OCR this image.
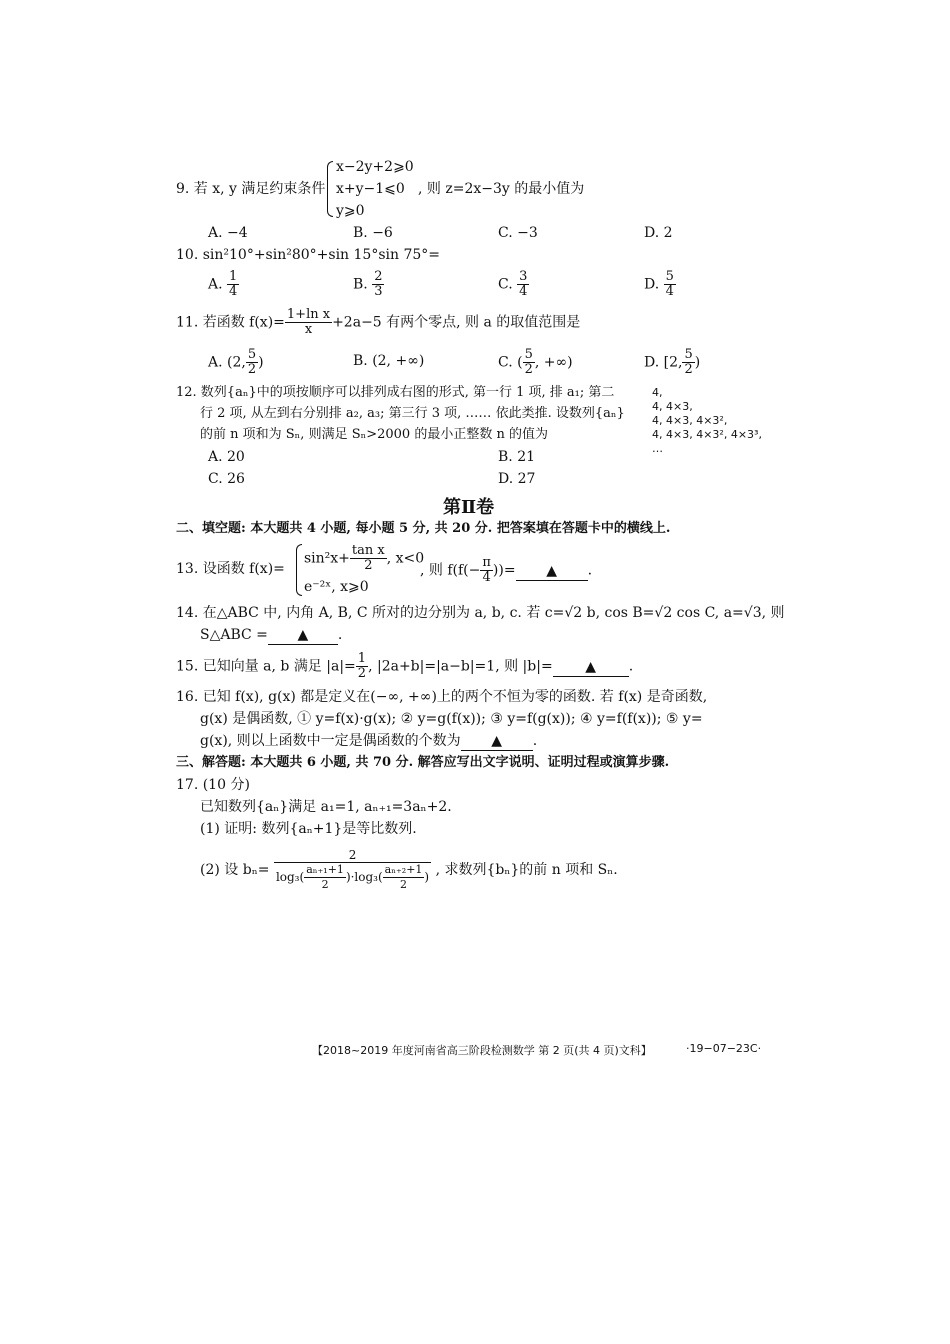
9. 若 x, y 满足约束条件
x−2y+2⩾0
x+y−1⩽0
y⩾0
, 则 z=2x−3y 的最小值为
A. −4	B. −6	C. −3	D. 2
10. sin²10°+sin²80°+sin 15°sin 75°=
A. $\frac{1}{4}$	B. $\frac{2}{3}$	C. $\frac{3}{4}$	D. $\frac{5}{4}$
11. 若函数 $f(x)= \frac{\text{1+ln x}}{x} +2a-5$ 有两个零点, 则 a 的取值范围是
A. (2, $\frac{5}{2}$ )	B. (2, +∞)	C. ( $\frac{5}{2}$ , +∞)	D. [2, $\frac{5}{2}$ )
12. 数列{aₙ}中的项按顺序可以排列成右图的形式, 第一行 1 项, 排 a₁; 第二
行 2 项, 从左到右分别排 a₂, a₃; 第三行 3 项, …… 依此类推. 设数列{aₙ}
的前 n 项和为 Sₙ, 则满足 Sₙ>2000 的最小正整数 n 的值为
A. 20	B. 21
C. 26	D. 27
4,
4, 4×3,
4, 4×3, 4×3²,
4, 4×3, 4×3², 4×3³,
…
第Ⅱ卷
二、填空题: 本大题共 4 小题, 每小题 5 分, 共 20 分. 把答案填在答题卡中的横线上.
13. 设函数 f(x)=
$\sin^2x+ \frac{\text{tan x}}{2}$ , x<0
e⁻²ˣ, x⩾0
, 则 $f(f(- \frac{\pi}{4}$ ))= ▲ .
14. 在△ABC 中, 内角 A, B, C 所对的边分别为 a, b, c. 若 c=√2 b, cos B=√2 cos C, a=√3, 则
S△ABC = ▲ .
15. 已知向量 a, b 满足 $|a|= \frac{1}{2}$ , |2a+b|=|a−b|=1, 则 |b|= ▲ .
16. 已知 f(x), g(x) 都是定义在(−∞, +∞)上的两个不恒为零的函数. 若 f(x) 是奇函数,
g(x) 是偶函数, ① y=f(x)·g(x); ② y=g(f(x)); ③ y=f(g(x)); ④ y=f(f(x)); ⑤ y=
g(x), 则以上函数中一定是偶函数的个数为 ▲ .
三、解答题: 本大题共 6 小题, 共 70 分. 解答应写出文字说明、证明过程或演算步骤.
17. (10 分)
已知数列{aₙ}满足 a₁=1, aₙ₊₁=3aₙ+2.
(1) 证明: 数列{aₙ+1}是等比数列.
(2) 设 $b_n= \frac{2}{\log_3( \frac{\text{aₙ₊₁+1}}{2} )\cdot\log_3( \frac{\text{aₙ₊₂+1}}{2} )}$ , 求数列{bₙ}的前 n 项和 Sₙ.
【2018~2019 年度河南省高三阶段检测数学 第 2 页(共 4 页)文科】	·19−07−23C·
